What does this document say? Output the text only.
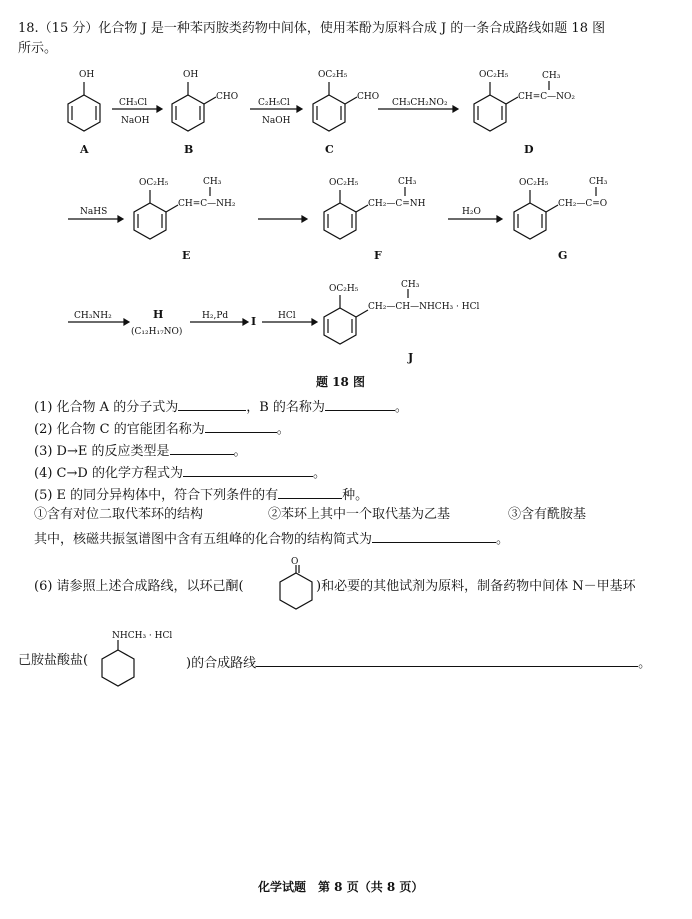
18.（15 分）化合物 J 是一种苯丙胺类药物中间体，使用苯酚为原料合成 J 的一条合成路线如题 18 图
所示。
OH
A
CH₃Cl
NaOH
OH
CHO
B
C₂H₅Cl
NaOH
OC₂H₅
CHO
C
CH₃CH₂NO₂
OC₂H₅	CH₃
CH=C—NO₂
D
NaHS
OC₂H₅	CH₃
CH=C—NH₂
E
OC₂H₅	CH₃
CH₂—C=NH
F
H₂O
OC₂H₅	CH₃
CH₂—C=O
G
CH₃NH₂	H
(C₁₂H₁₇NO)
H₂,Pd I HCl
OC₂H₅	CH₃
CH₂—CH—NHCH₃ · HCl
J
题 18 图
(1) 化合物 A 的分子式为	，B 的名称为	。
(2) 化合物 C 的官能团名称为	。
(3) D→E 的反应类型是	。
(4) C→D 的化学方程式为	。
(5) E 的同分异构体中，符合下列条件的有	种。
①含有对位二取代苯环的结构	②苯环上其中一个取代基为乙基	③含有酰胺基
其中，核磁共振氢谱图中含有五组峰的化合物的结构简式为	。
(6) 请参照上述合成路线，以环己酮(
O
)和必要的其他试剂为原料，制备药物中间体 N－甲基环
NHCH₃ · HCl
己胺盐酸盐(	)的合成路线	。
化学试题　第 8 页（共 8 页）
